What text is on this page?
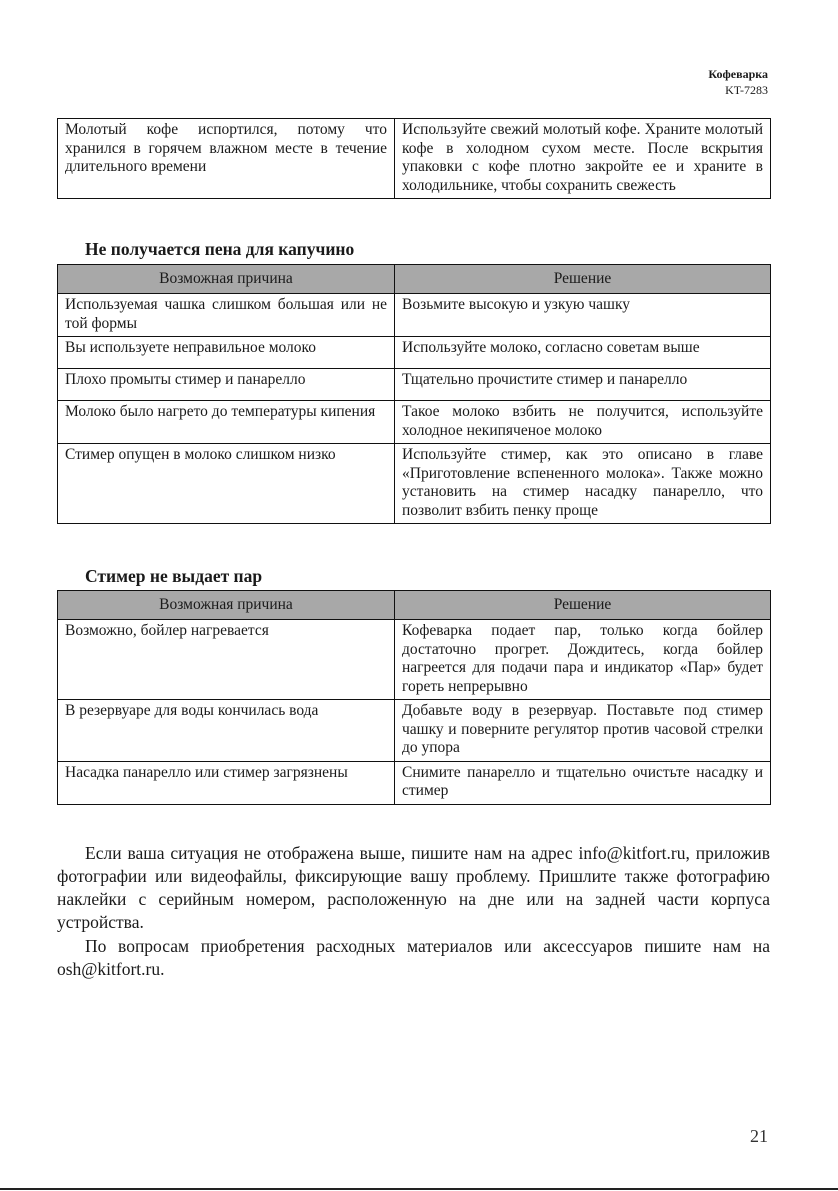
Кофеварка
KT-7283
Молотый кофе испортился, потому что хранился в горячем влажном месте в течение длительного времени	Используйте свежий молотый кофе. Храните молотый кофе в холодном сухом месте. После вскрытия упаковки с кофе плотно закройте ее и храните в холодильнике, чтобы сохранить свежесть
Не получается пена для капучино
Возможная причина	Решение
Используемая чашка слишком большая или не той формы	Возьмите высокую и узкую чашку
Вы используете неправильное молоко	Используйте молоко, согласно советам выше
Плохо промыты стимер и панарелло	Тщательно прочистите стимер и панарелло
Молоко было нагрето до температуры кипения	Такое молоко взбить не получится, используйте холодное некипяченое молоко
Стимер опущен в молоко слишком низко	Используйте стимер, как это описано в главе «Приготовление вспененного молока». Также можно установить на стимер насадку панарелло, что позволит взбить пенку проще
Стимер не выдает пар
Возможная причина	Решение
Возможно, бойлер нагревается	Кофеварка подает пар, только когда бойлер достаточно прогрет. Дождитесь, когда бойлер нагреется для подачи пара и индикатор «Пар» будет гореть непрерывно
В резервуаре для воды кончилась вода	Добавьте воду в резервуар. Поставьте под стимер чашку и поверните регулятор против часовой стрелки до упора
Насадка панарелло или стимер загрязнены	Снимите панарелло и тщательно очистьте насадку и стимер

Если ваша ситуация не отображена выше, пишите нам на адрес info@kitfort.ru, приложив фотографии или видеофайлы, фиксирующие вашу проблему. Пришлите также фотографию наклейки с серийным номером, расположенную на дне или на задней части корпуса устройства.

По вопросам приобретения расходных материалов или аксессуаров пишите нам на osh@kitfort.ru.

21
